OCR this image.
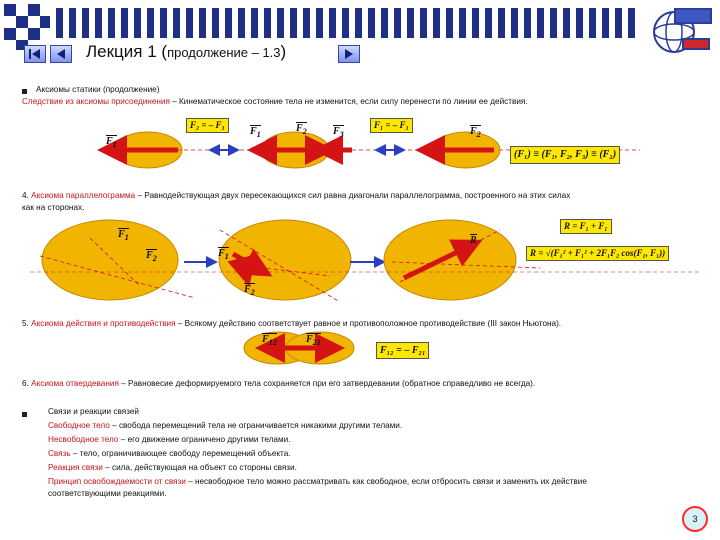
Лекция 1 (продолжение – 1.3)
Аксиомы статики (продолжение)
Следствие из аксиомы присоединения – Кинематическое состояние тела не изменится, если силу перенести по линии ее действия.
$F_1$
F₂ = – F₃
$F_1$
$F_2$	$F_3$
F₁ = – F₃
$F_2$
(F₁) ≡ (F₁, F₂, F₃) ≡ (F₂)
4. Аксиома параллелограмма – Равнодействующая двух пересекающихся сил равна диагонали параллелограмма, построенного на этих силах
как на сторонах.
$F_1$
$F_2$	$F_1$
$F_2$
R
R = F₁ + F₁
R = √(F₁² + F₁² + 2F₁F₂ cos(F₁, F₁))
5. Аксиома действия и противодействия – Всякому действию соответствует равное и противоположное противодействие (III закон Ньютона).
$F_{12}$	$F_{21}$
F₁₂ = – F₂₁
6. Аксиома отвердевания – Равновесие деформируемого тела сохраняется при его затвердевании (обратное справедливо не всегда).
Связи и реакции связей
Свободное тело – свобода перемещений тела не ограничивается никакими другими телами.
Несвободное тело – его движение ограничено другими телами.
Связь – тело, ограничивающее свободу перемещений объекта.
Реакция связи – сила, действующая на объект со стороны связи.
Принцип освобождаемости от связи – несвободное тело можно рассматривать как свободное, если отбросить связи и заменить их действие
соответствующими реакциями.
3
